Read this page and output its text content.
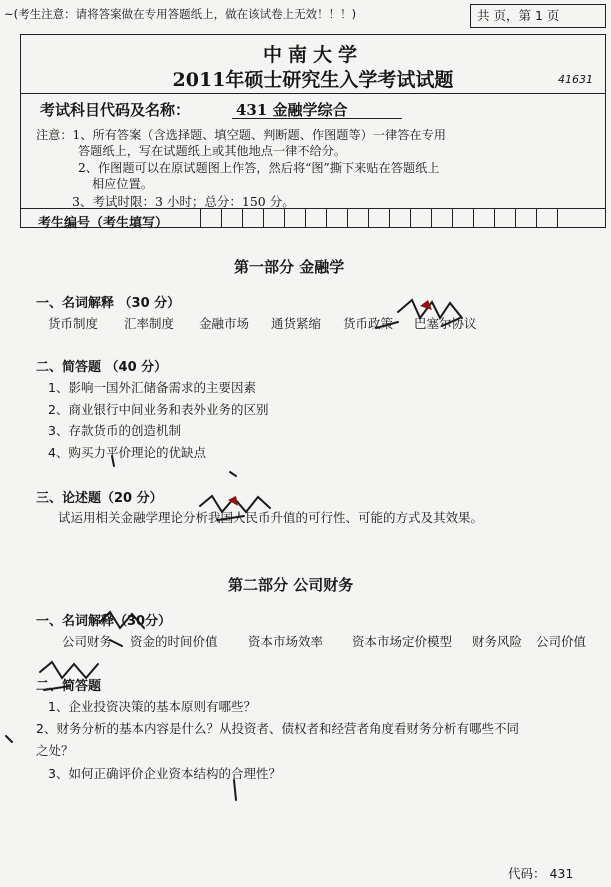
~(考生注意：请将答案做在专用答题纸上，做在该试卷上无效！！！)	共 页，第 1 页
中南大学
2011年硕士研究生入学考试试题	41631
考试科目代码及名称：	431 金融学综合
注意：1、所有答案（含选择题、填空题、判断题、作图题等）一律答在专用
答题纸上，写在试题纸上或其他地点一律不给分。
2、作图题可以在原试题图上作答，然后将“图”撕下来贴在答题纸上
相应位置。
3、考试时限：3 小时；总分：150 分。
考生编号（考生填写）
第一部分 金融学
一、名词解释 （30 分）
货币制度 汇率制度 金融市场 通货紧缩 货币政策 巴塞尔协议
二、简答题 （40 分）
1、影响一国外汇储备需求的主要因素
2、商业银行中间业务和表外业务的区别
3、存款货币的创造机制
4、购买力平价理论的优缺点
三、论述题（20 分）
试运用相关金融学理论分析我国人民币升值的可行性、可能的方式及其效果。
第二部分 公司财务
一、名词解释（30分）
公司财务 资金的时间价值 资本市场效率 资本市场定价模型 财务风险 公司价值
二、简答题
1、企业投资决策的基本原则有哪些？
2、财务分析的基本内容是什么？从投资者、债权者和经营者角度看财务分析有哪些不同
之处？
3、如何正确评价企业资本结构的合理性？
代码： 431
